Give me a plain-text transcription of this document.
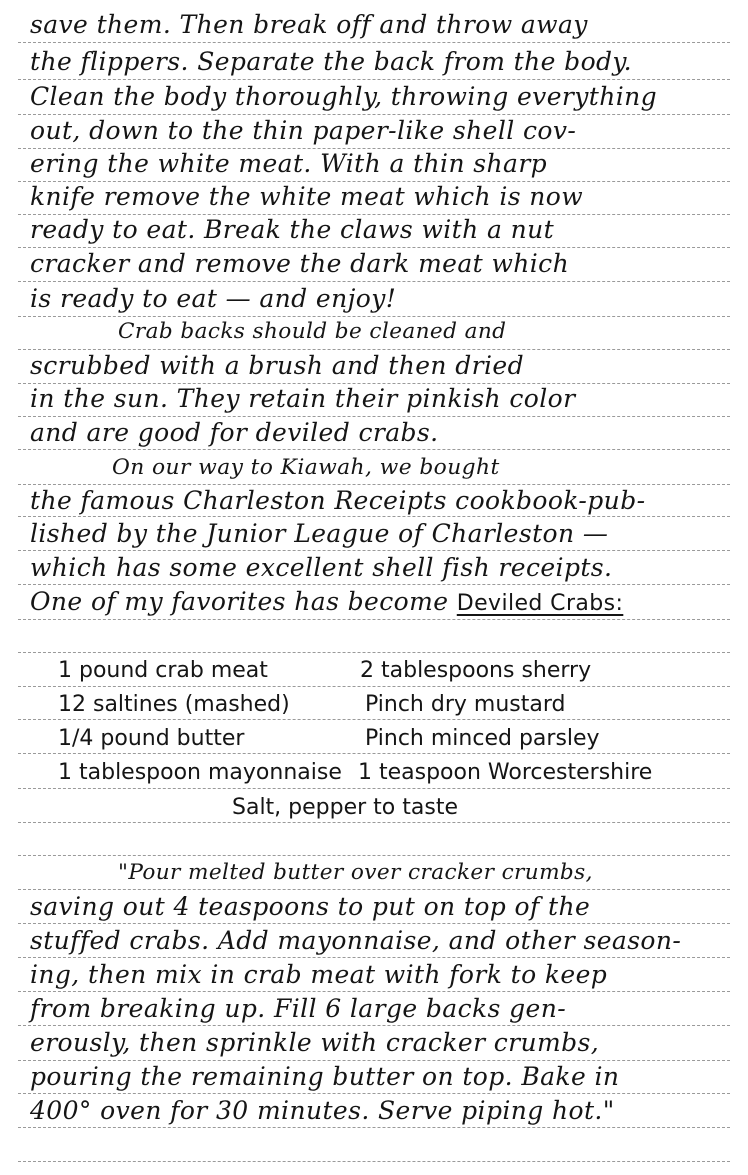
save them. Then break off and throw away
the flippers. Separate the back from the body.
Clean the body thoroughly, throwing everything
out, down to the thin paper-like shell cov-
ering the white meat. With a thin sharp
knife remove the white meat which is now
ready to eat. Break the claws with a nut
cracker and remove the dark meat which
is ready to eat — and enjoy!
Crab backs should be cleaned and
scrubbed with a brush and then dried
in the sun. They retain their pinkish color
and are good for deviled crabs.
On our way to Kiawah, we bought
the famous Charleston Receipts cookbook-pub-
lished by the Junior League of Charleston —
which has some excellent shell fish receipts.
One of my favorites has become Deviled Crabs:
1 pound crab meat
12 saltines (mashed)
1/4 pound butter
1 tablespoon mayonnaise
2 tablespoons sherry
Pinch dry mustard
Pinch minced parsley
1 teaspoon Worcestershire
Salt, pepper to taste
"Pour melted butter over cracker crumbs,
saving out 4 teaspoons to put on top of the
stuffed crabs. Add mayonnaise, and other season-
ing, then mix in crab meat with fork to keep
from breaking up. Fill 6 large backs gen-
erously, then sprinkle with cracker crumbs,
pouring the remaining butter on top. Bake in
400° oven for 30 minutes. Serve piping hot."
